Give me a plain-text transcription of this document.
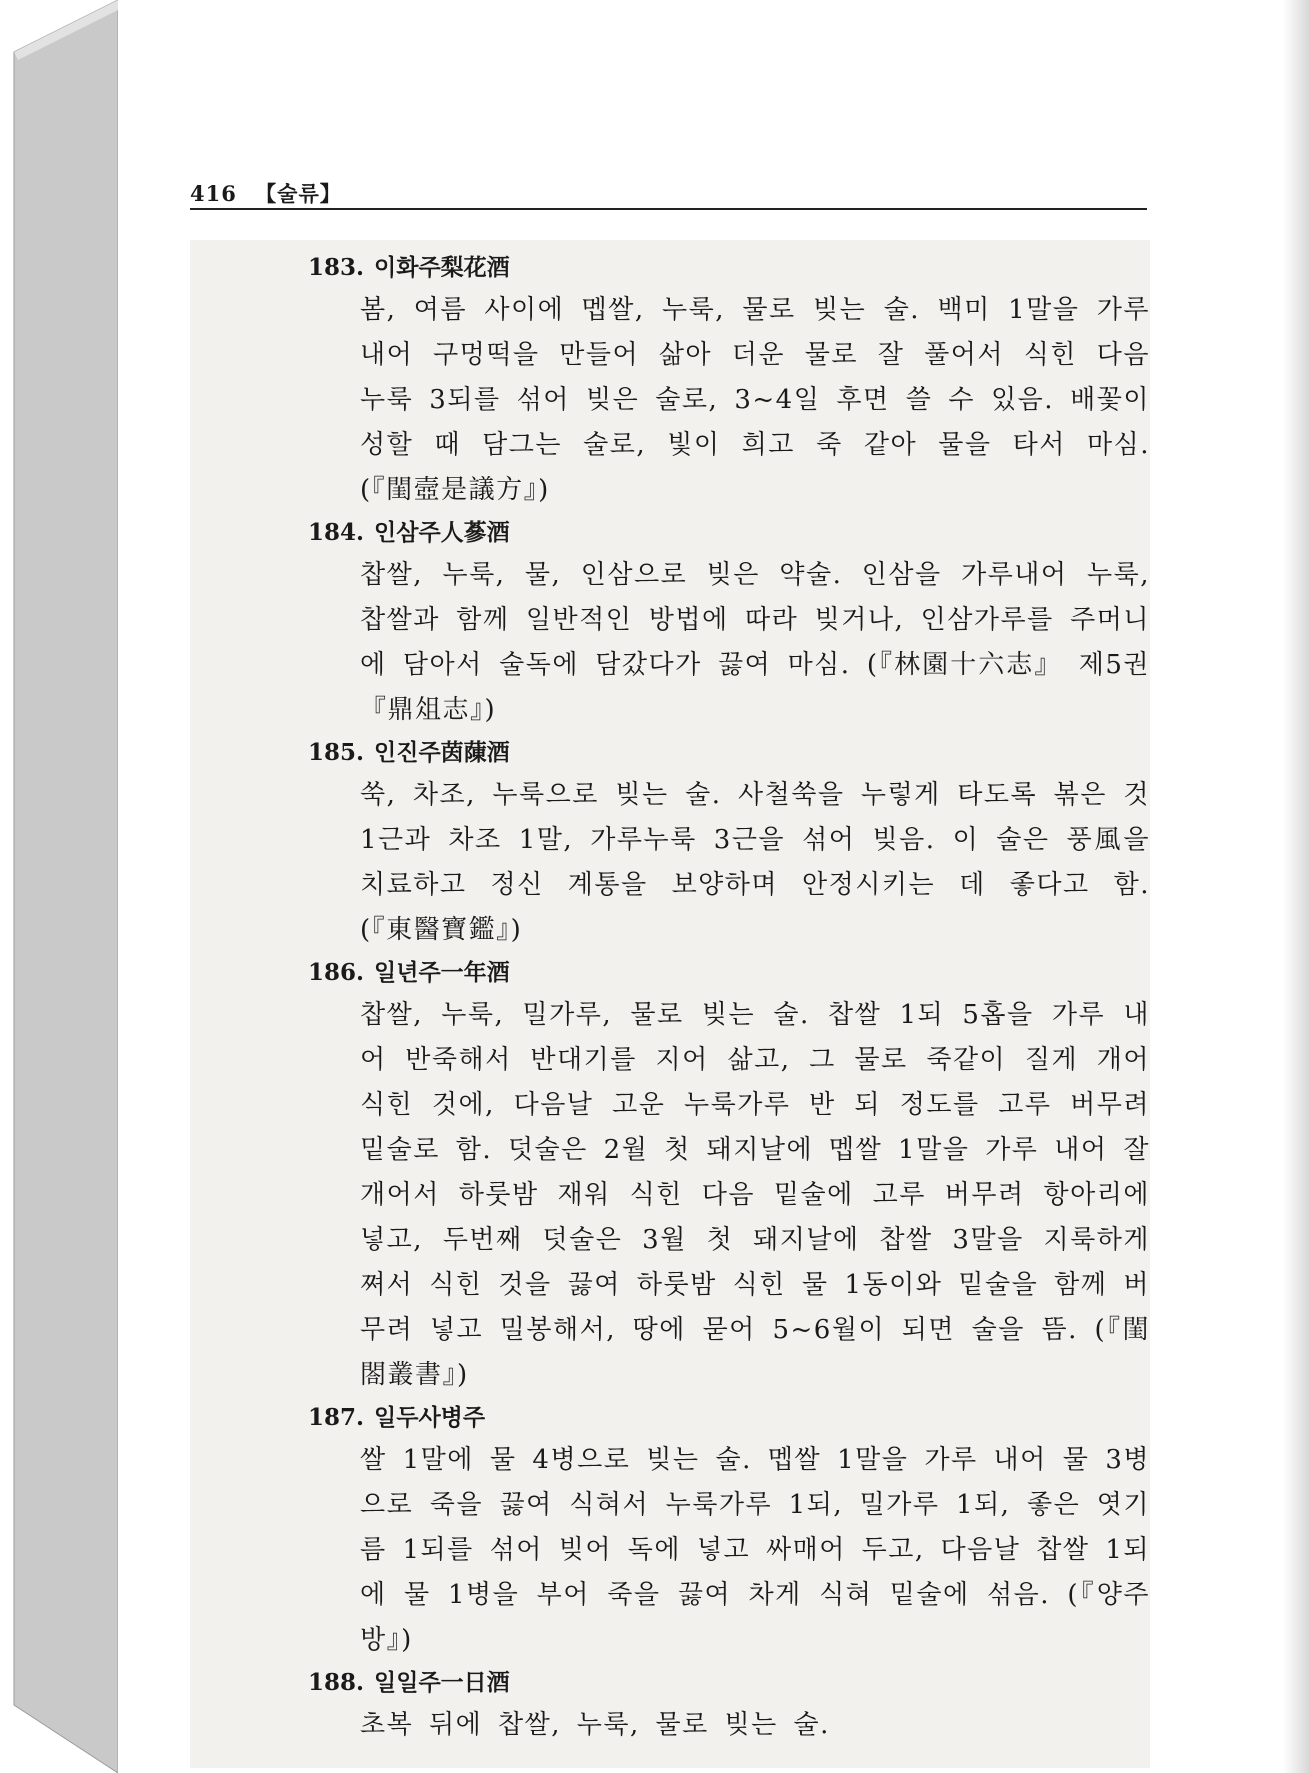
416 【술류】
183. 이화주梨花酒
봄, 여름 사이에 멥쌀, 누룩, 물로 빚는 술. 백미 1말을 가루 내어 구멍떡을 만들어 삶아 더운 물로 잘 풀어서 식힌 다음 누룩 3되를 섞어 빚은 술로, 3~4일 후면 쓸 수 있음. 배꽃이 성할 때 담그는 술로, 빛이 희고 죽 같아 물을 타서 마심. (『閨壼是議方』)
184. 인삼주人蔘酒
찹쌀, 누룩, 물, 인삼으로 빚은 약술. 인삼을 가루내어 누룩, 찹쌀과 함께 일반적인 방법에 따라 빚거나, 인삼가루를 주머니에 담아서 술독에 담갔다가 끓여 마심. (『林園十六志』 제5권 『鼎俎志』)
185. 인진주茵蔯酒
쑥, 차조, 누룩으로 빚는 술. 사철쑥을 누렇게 타도록 볶은 것 1근과 차조 1말, 가루누룩 3근을 섞어 빚음. 이 술은 풍風을 치료하고 정신 계통을 보양하며 안정시키는 데 좋다고 함. (『東醫寶鑑』)
186. 일년주一年酒
찹쌀, 누룩, 밀가루, 물로 빚는 술. 찹쌀 1되 5홉을 가루 내어 반죽해서 반대기를 지어 삶고, 그 물로 죽같이 질게 개어 식힌 것에, 다음날 고운 누룩가루 반 되 정도를 고루 버무려 밑술로 함. 덧술은 2월 첫 돼지날에 멥쌀 1말을 가루 내어 잘 개어서 하룻밤 재워 식힌 다음 밑술에 고루 버무려 항아리에 넣고, 두번째 덧술은 3월 첫 돼지날에 찹쌀 3말을 지룩하게 쪄서 식힌 것을 끓여 하룻밤 식힌 물 1동이와 밑술을 함께 버무려 넣고 밀봉해서, 땅에 묻어 5~6월이 되면 술을 뜸. (『閨閤叢書』)
187. 일두사병주
쌀 1말에 물 4병으로 빚는 술. 멥쌀 1말을 가루 내어 물 3병으로 죽을 끓여 식혀서 누룩가루 1되, 밀가루 1되, 좋은 엿기름 1되를 섞어 빚어 독에 넣고 싸매어 두고, 다음날 찹쌀 1되에 물 1병을 부어 죽을 끓여 차게 식혀 밑술에 섞음. (『양주방』)
188. 일일주一日酒
초복 뒤에 찹쌀, 누룩, 물로 빚는 술.
